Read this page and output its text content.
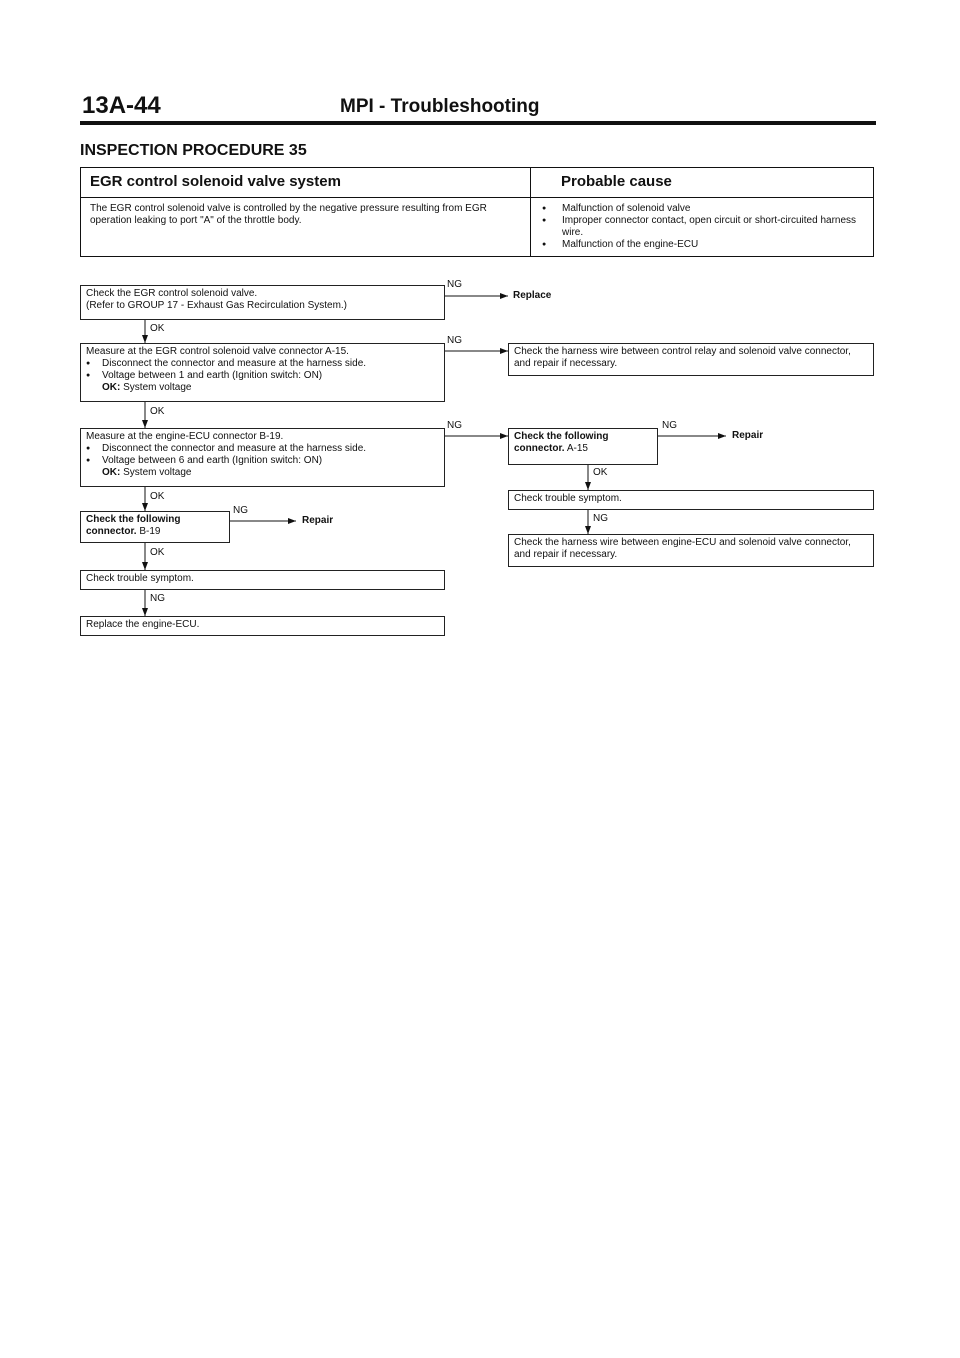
13A-44	MPI - Troubleshooting
INSPECTION PROCEDURE 35
EGR control solenoid valve system	Probable cause
The EGR control solenoid valve is controlled by the negative pressure resulting from EGR operation leaking to port "A" of the throttle body.
● Malfunction of solenoid valve
● Improper connector contact, open circuit or short-circuited harness wire.
● Malfunction of the engine-ECU
Check the EGR control solenoid valve.
(Refer to GROUP 17 - Exhaust Gas Recirculation System.)
Measure at the EGR control solenoid valve connector A-15.
● Disconnect the connector and measure at the harness side.
● Voltage between 1 and earth (Ignition switch: ON)
OK: System voltage
Measure at the engine-ECU connector B-19.
● Disconnect the connector and measure at the harness side.
● Voltage between 6 and earth (Ignition switch: ON)
OK: System voltage
Check the following connector. B-19
Check trouble symptom.
Replace the engine-ECU.
Check the harness wire between control relay and solenoid valve connector, and repair if necessary.
Check the following connector. A-15
Check trouble symptom.
Check the harness wire between engine-ECU and solenoid valve connector, and repair if necessary.
OK
OK
OK
OK
NG
NG
NG
NG
NG
NG
OK
NG
Replace
Repair
Repair
